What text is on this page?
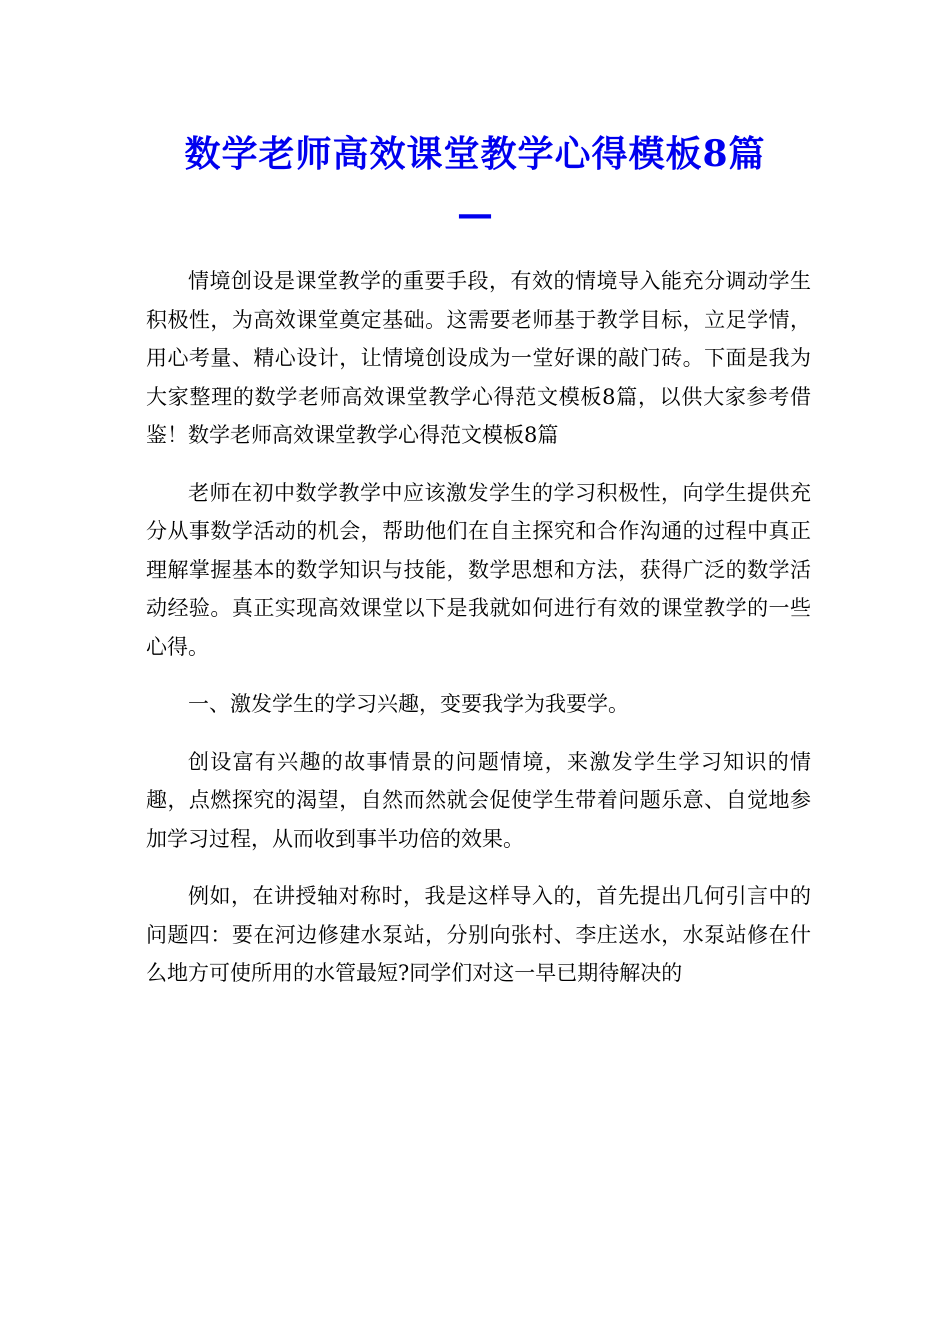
数学老师高效课堂教学心得模板8篇
—

情境创设是课堂教学的重要手段，有效的情境导入能充分调动学生积极性，为高效课堂奠定基础。这需要老师基于教学目标，立足学情，用心考量、精心设计，让情境创设成为一堂好课的敲门砖。下面是我为大家整理的数学老师高效课堂教学心得范文模板8篇，以供大家参考借鉴！数学老师高效课堂教学心得范文模板8篇

老师在初中数学教学中应该激发学生的学习积极性，向学生提供充分从事数学活动的机会，帮助他们在自主探究和合作沟通的过程中真正理解掌握基本的数学知识与技能，数学思想和方法，获得广泛的数学活动经验。真正实现高效课堂以下是我就如何进行有效的课堂教学的一些心得。

一、激发学生的学习兴趣，变要我学为我要学。

创设富有兴趣的故事情景的问题情境，来激发学生学习知识的情趣，点燃探究的渴望，自然而然就会促使学生带着问题乐意、自觉地参加学习过程，从而收到事半功倍的效果。

例如，在讲授轴对称时，我是这样导入的，首先提出几何引言中的问题四：要在河边修建水泵站，分别向张村、李庄送水，水泵站修在什么地方可使所用的水管最短?同学们对这一早已期待解决的
